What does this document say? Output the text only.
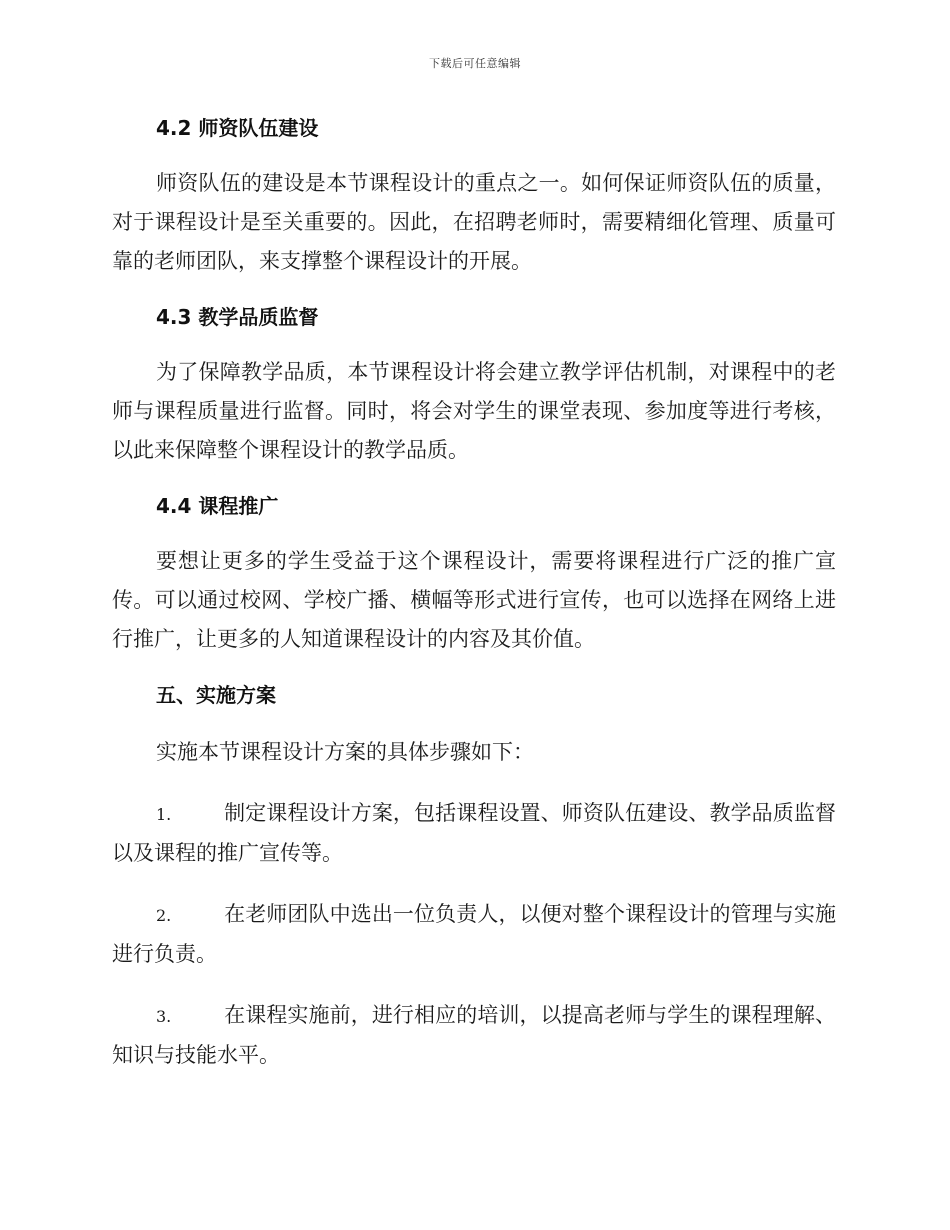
下载后可任意编辑

4.2 师资队伍建设

师资队伍的建设是本节课程设计的重点之一。如何保证师资队伍的质量，对于课程设计是至关重要的。因此，在招聘老师时，需要精细化管理、质量可靠的老师团队，来支撑整个课程设计的开展。

4.3 教学品质监督

为了保障教学品质，本节课程设计将会建立教学评估机制，对课程中的老师与课程质量进行监督。同时，将会对学生的课堂表现、参加度等进行考核，以此来保障整个课程设计的教学品质。

4.4 课程推广

要想让更多的学生受益于这个课程设计，需要将课程进行广泛的推广宣传。可以通过校网、学校广播、横幅等形式进行宣传，也可以选择在网络上进行推广，让更多的人知道课程设计的内容及其价值。

五、实施方案

实施本节课程设计方案的具体步骤如下：

1.	制定课程设计方案，包括课程设置、师资队伍建设、教学品质监督以及课程的推广宣传等。

2.	在老师团队中选出一位负责人，以便对整个课程设计的管理与实施进行负责。

3.	在课程实施前，进行相应的培训，以提高老师与学生的课程理解、知识与技能水平。
